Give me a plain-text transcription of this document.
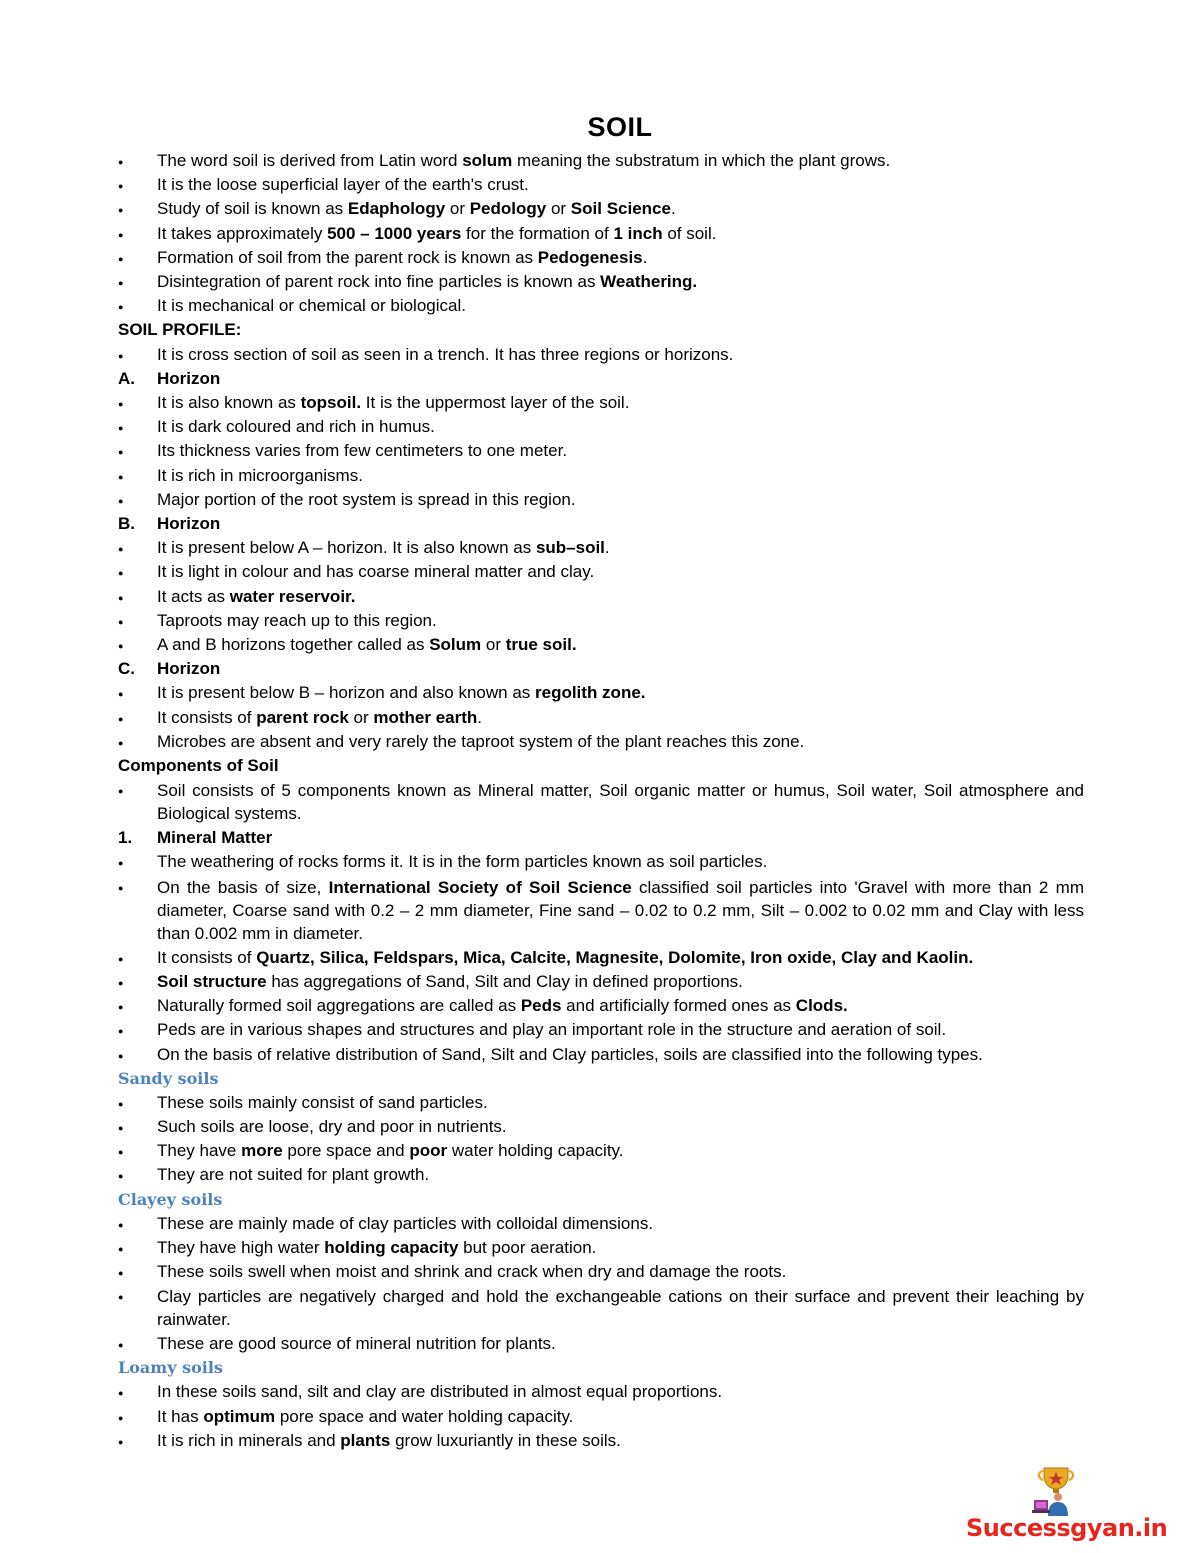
SOIL
● The word soil is derived from Latin word solum meaning the substratum in which the plant grows.
● It is the loose superficial layer of the earth's crust.
● Study of soil is known as Edaphology or Pedology or Soil Science.
● It takes approximately 500 – 1000 years for the formation of 1 inch of soil.
● Formation of soil from the parent rock is known as Pedogenesis.
● Disintegration of parent rock into fine particles is known as Weathering.
● It is mechanical or chemical or biological.
SOIL PROFILE:
● It is cross section of soil as seen in a trench. It has three regions or horizons.
A. Horizon
● It is also known as topsoil. It is the uppermost layer of the soil.
● It is dark coloured and rich in humus.
● Its thickness varies from few centimeters to one meter.
● It is rich in microorganisms.
● Major portion of the root system is spread in this region.
B. Horizon
● It is present below A – horizon. It is also known as sub–soil.
● It is light in colour and has coarse mineral matter and clay.
● It acts as water reservoir.
● Taproots may reach up to this region.
● A and B horizons together called as Solum or true soil.
C. Horizon
● It is present below B – horizon and also known as regolith zone.
● It consists of parent rock or mother earth.
● Microbes are absent and very rarely the taproot system of the plant reaches this zone.
Components of Soil
● Soil consists of 5 components known as Mineral matter, Soil organic matter or humus, Soil water, Soil atmosphere and Biological systems.
1. Mineral Matter
● The weathering of rocks forms it. It is in the form particles known as soil particles.
● On the basis of size, International Society of Soil Science classified soil particles into 'Gravel with more than 2 mm diameter, Coarse sand with 0.2 – 2 mm diameter, Fine sand – 0.02 to 0.2 mm, Silt – 0.002 to 0.02 mm and Clay with less than 0.002 mm in diameter.
● It consists of Quartz, Silica, Feldspars, Mica, Calcite, Magnesite, Dolomite, Iron oxide, Clay and Kaolin.
● Soil structure has aggregations of Sand, Silt and Clay in defined proportions.
● Naturally formed soil aggregations are called as Peds and artificially formed ones as Clods.
● Peds are in various shapes and structures and play an important role in the structure and aeration of soil.
● On the basis of relative distribution of Sand, Silt and Clay particles, soils are classified into the following types.
Sandy soils
● These soils mainly consist of sand particles.
● Such soils are loose, dry and poor in nutrients.
● They have more pore space and poor water holding capacity.
● They are not suited for plant growth.
Clayey soils
● These are mainly made of clay particles with colloidal dimensions.
● They have high water holding capacity but poor aeration.
● These soils swell when moist and shrink and crack when dry and damage the roots.
● Clay particles are negatively charged and hold the exchangeable cations on their surface and prevent their leaching by rainwater.
● These are good source of mineral nutrition for plants.
Loamy soils
● In these soils sand, silt and clay are distributed in almost equal proportions.
● It has optimum pore space and water holding capacity.
● It is rich in minerals and plants grow luxuriantly in these soils.
Successgyan.in
